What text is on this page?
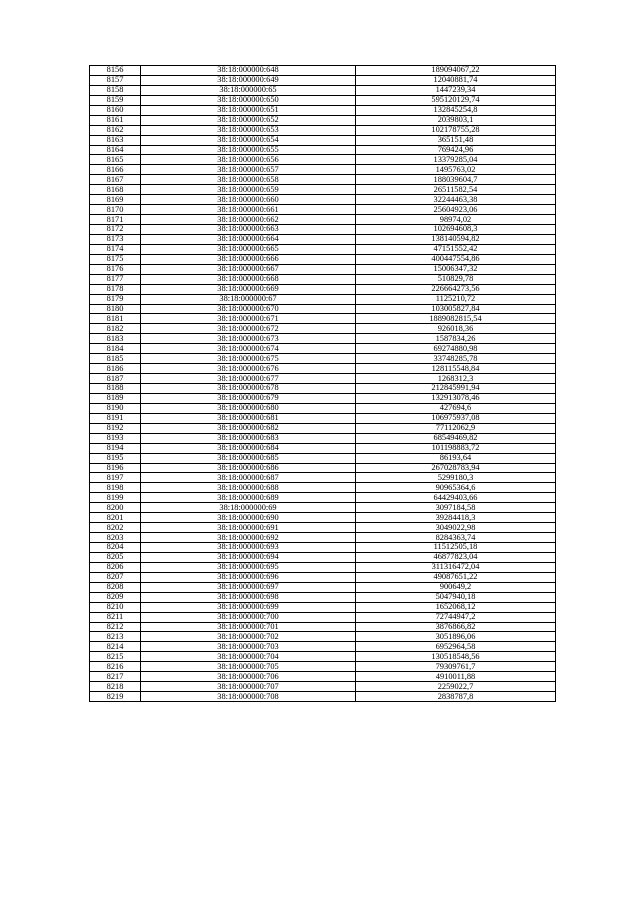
8156	38:18:000000:648	189094067,22
8157	38:18:000000:649	12040881,74
8158	38:18:000000:65	1447239,34
8159	38:18:000000:650	595120129,74
8160	38:18:000000:651	132845254,8
8161	38:18:000000:652	2039803,1
8162	38:18:000000:653	102178755,28
8163	38:18:000000:654	365151,48
8164	38:18:000000:655	769424,96
8165	38:18:000000:656	13379285,04
8166	38:18:000000:657	1495763,02
8167	38:18:000000:658	188039604,7
8168	38:18:000000:659	26511582,54
8169	38:18:000000:660	32244463,38
8170	38:18:000000:661	25604923,06
8171	38:18:000000:662	98974,02
8172	38:18:000000:663	102694608,3
8173	38:18:000000:664	138140594,82
8174	38:18:000000:665	47151552,42
8175	38:18:000000:666	400447554,86
8176	38:18:000000:667	15006347,32
8177	38:18:000000:668	510829,78
8178	38:18:000000:669	226664273,56
8179	38:18:000000:67	1125210,72
8180	38:18:000000:670	103005827,84
8181	38:18:000000:671	1889082815,54
8182	38:18:000000:672	926018,36
8183	38:18:000000:673	1587834,26
8184	38:18:000000:674	69274880,98
8185	38:18:000000:675	33748285,78
8186	38:18:000000:676	128115548,84
8187	38:18:000000:677	1268312,3
8188	38:18:000000:678	212845991,94
8189	38:18:000000:679	132913078,46
8190	38:18:000000:680	427694,6
8191	38:18:000000:681	106975937,08
8192	38:18:000000:682	77112062,9
8193	38:18:000000:683	68549469,82
8194	38:18:000000:684	101198883,72
8195	38:18:000000:685	86193,64
8196	38:18:000000:686	267028783,94
8197	38:18:000000:687	5299180,3
8198	38:18:000000:688	90965364,6
8199	38:18:000000:689	64429403,66
8200	38:18:000000:69	3097184,58
8201	38:18:000000:690	39284418,3
8202	38:18:000000:691	3049022,98
8203	38:18:000000:692	8284363,74
8204	38:18:000000:693	11512505,18
8205	38:18:000000:694	46877823,04
8206	38:18:000000:695	311316472,04
8207	38:18:000000:696	49087651,22
8208	38:18:000000:697	900649,2
8209	38:18:000000:698	5047940,18
8210	38:18:000000:699	1652068,12
8211	38:18:000000:700	72744947,2
8212	38:18:000000:701	3876866,82
8213	38:18:000000:702	3051896,06
8214	38:18:000000:703	6952964,58
8215	38:18:000000:704	130518548,56
8216	38:18:000000:705	79309761,7
8217	38:18:000000:706	4910011,88
8218	38:18:000000:707	2259022,7
8219	38:18:000000:708	2838787,8
